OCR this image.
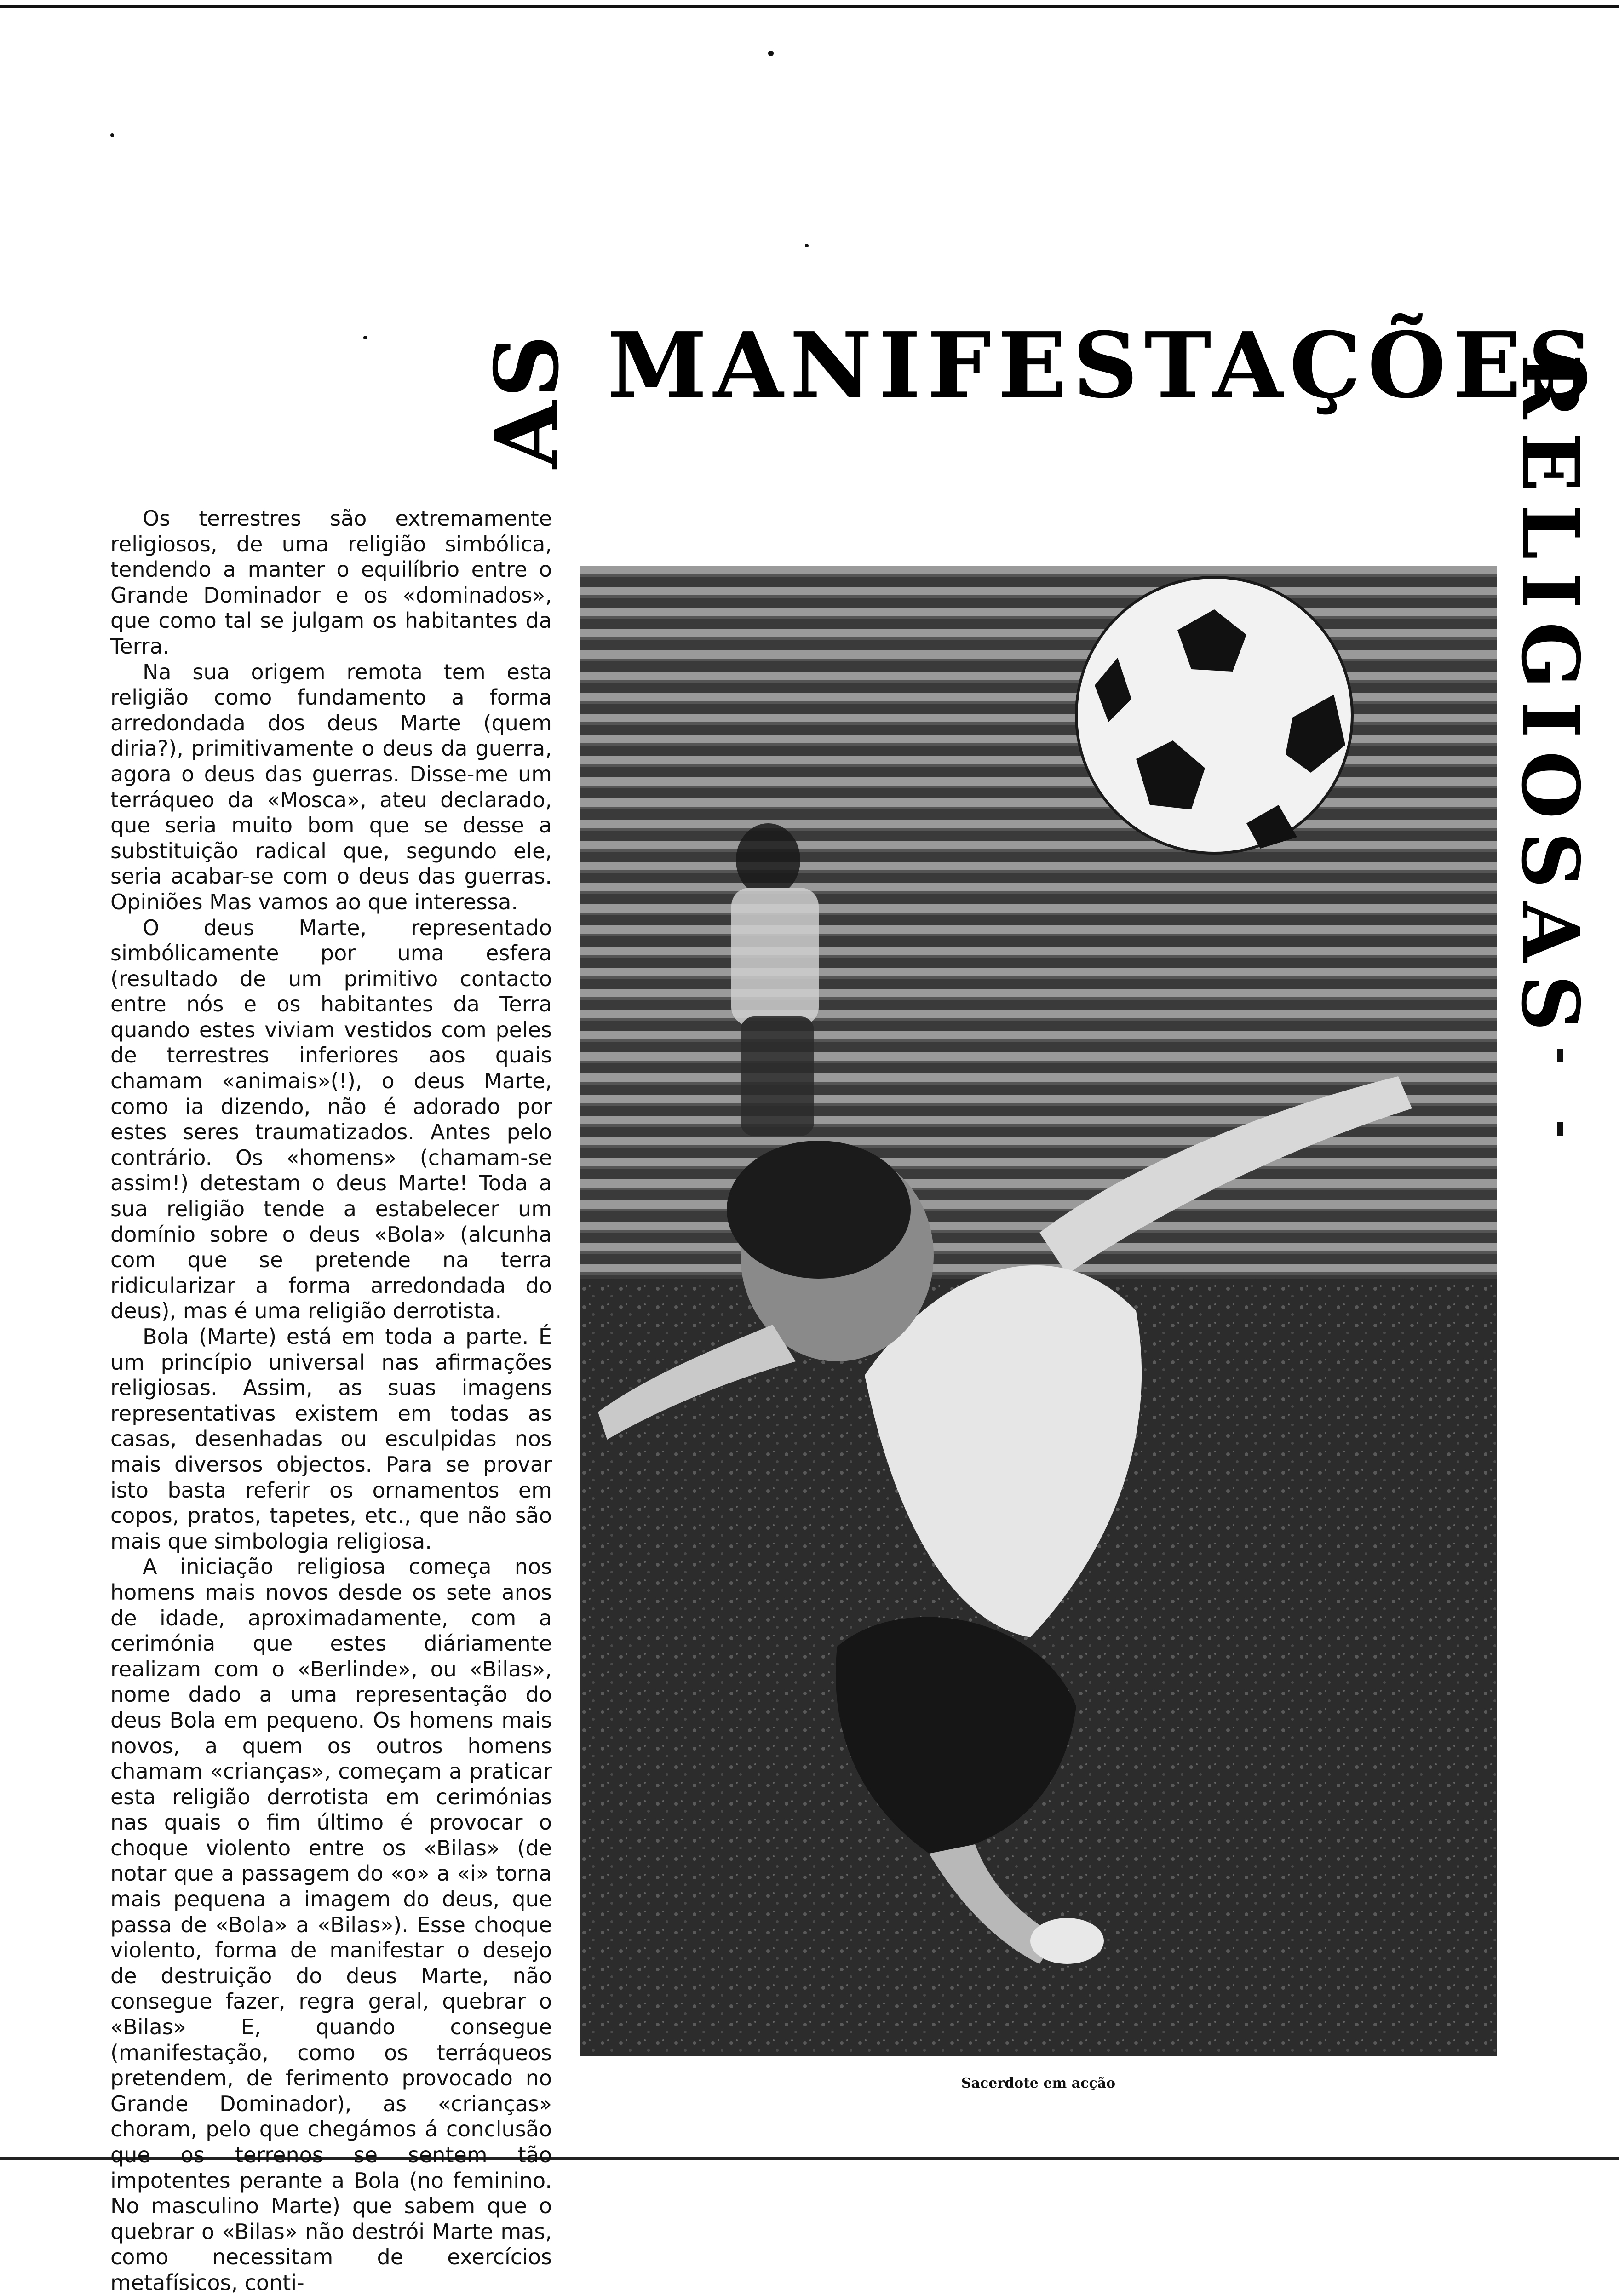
AS MANIFESTAÇÕES
RELIGIOSAS

Os terrestres são extremamente religiosos, de uma religião simbólica, tendendo a manter o equilíbrio entre o Grande Dominador e os «dominados», que como tal se julgam os habitantes da Terra.

Na sua origem remota tem esta religião como fundamento a forma arredondada dos deus Marte (quem diria?), primitivamente o deus da guerra, agora o deus das guerras. Disse-me um terráqueo da «Mosca», ateu declarado, que seria muito bom que se desse a substituição radical que, segundo ele, seria acabar-se com o deus das guerras. Opiniões Mas vamos ao que interessa.

O deus Marte, representado simbólicamente por uma esfera (resultado de um primitivo contacto entre nós e os habitantes da Terra quando estes viviam vestidos com peles de terrestres inferiores aos quais chamam «animais»(!), o deus Marte, como ia dizendo, não é adorado por estes seres traumatizados. Antes pelo contrário. Os «homens» (chamam-se assim!) detestam o deus Marte! Toda a sua religião tende a estabelecer um domínio sobre o deus «Bola» (alcunha com que se pretende na terra ridicularizar a forma arredondada do deus), mas é uma religião derrotista.

Bola (Marte) está em toda a parte. É um princípio universal nas afirmações religiosas. Assim, as suas imagens representativas existem em todas as casas, desenhadas ou esculpidas nos mais diversos objectos. Para se provar isto basta referir os ornamentos em copos, pratos, tapetes, etc., que não são mais que simbologia religiosa.

A iniciação religiosa começa nos homens mais novos desde os sete anos de idade, aproximadamente, com a cerimónia que estes diáriamente realizam com o «Berlinde», ou «Bilas», nome dado a uma representação do deus Bola em pequeno. Os homens mais novos, a quem os outros homens chamam «crianças», começam a praticar esta religião derrotista em cerimónias nas quais o fim último é provocar o choque violento entre os «Bilas» (de notar que a passagem do «o» a «i» torna mais pequena a imagem do deus, que passa de «Bola» a «Bilas»). Esse choque violento, forma de manifestar o desejo de destruição do deus Marte, não consegue fazer, regra geral, quebrar o «Bilas» E, quando consegue (manifestação, como os terráqueos pretendem, de ferimento provocado no Grande Dominador), as «crianças» choram, pelo que chegámos á conclusão que os terrenos se sentem tão impotentes perante a Bola (no feminino. No masculino Marte) que sabem que o quebrar o «Bilas» não destrói Marte mas, como necessitam de exercícios metafísicos, conti-

Sacerdote em acção
